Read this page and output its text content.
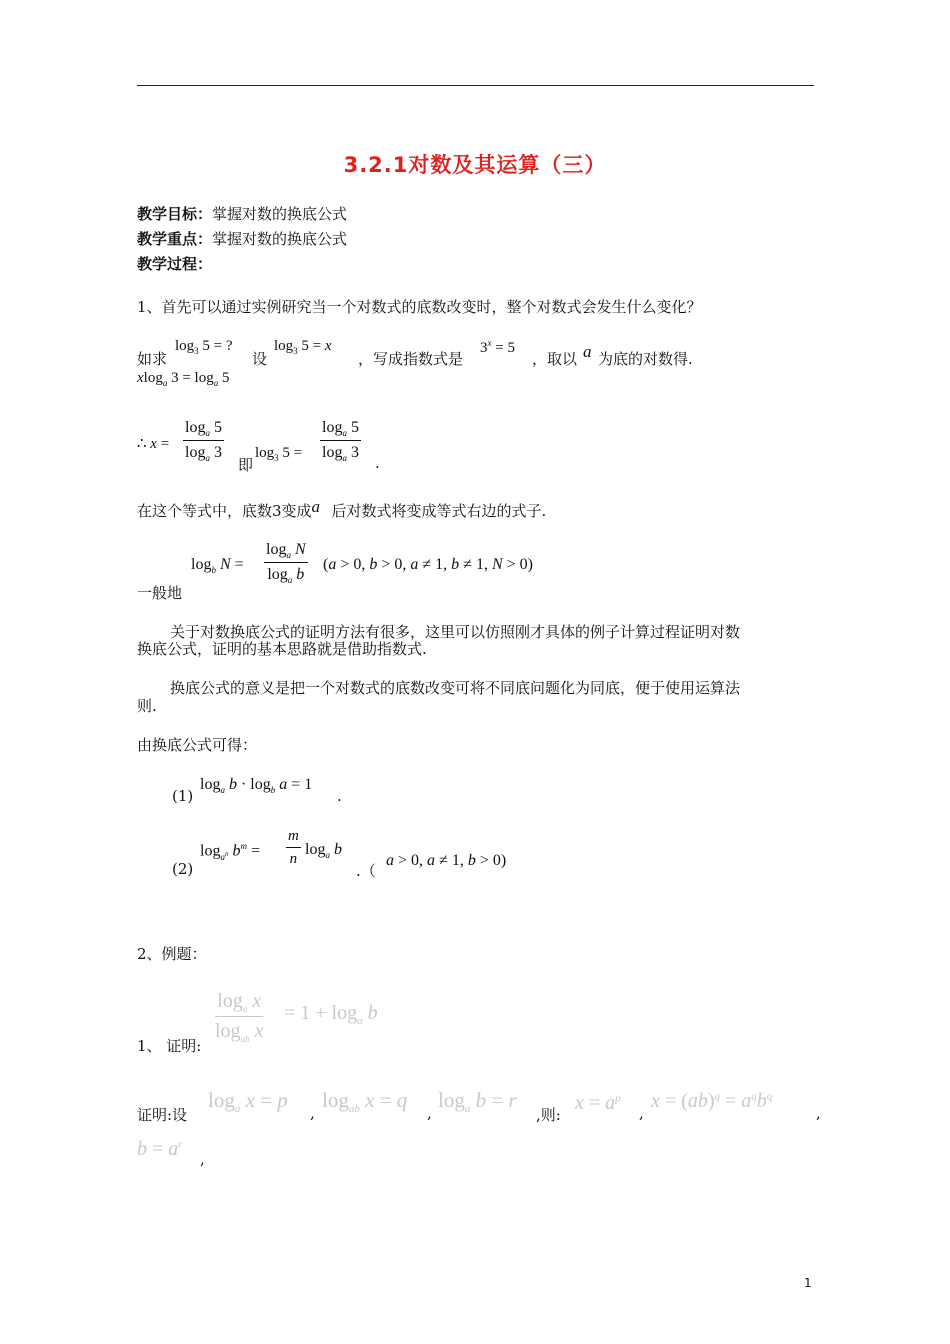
3.2.1对数及其运算（三）
教学目标：掌握对数的换底公式
教学重点：掌握对数的换底公式
教学过程：
1、首先可以通过实例研究当一个对数式的底数改变时，整个对数式会发生什么变化？
如求
$\log_3 5$ = ?
设
$\log_3 5 = x$
，写成指数式是
$3^x = 5$
，取以 a 为底的对数得.
xlog$_a$ $3 = \log_a 5$
∴ $x = \frac{\log_a 5}{\log_a 3}$
即
$\log_3 5 = \frac{\log_a 5}{\log_a 3}$ .
在这个等式中，底数3变成a 后对数式将变成等式右边的式子.
$\log_b N = \frac{\log_a N}{\log_a b} (a > 0$, b > 0, a ≠ 1, b ≠ 1, N > 0)
一般地
关于对数换底公式的证明方法有很多，这里可以仿照刚才具体的例子计算过程证明对数
换底公式，证明的基本思路就是借助指数式.
换底公式的意义是把一个对数式的底数改变可将不同底问题化为同底，便于使用运算法
则.
由换底公式可得：
(1)
$\log_a b \cdot \log_b a = 1$
.
(2)
$\log_{a^n} b^m = \frac{m}{n} \log_a b$
.（
a > 0, a ≠ 1, b > 0)
2、例题：
1、 证明:
$\frac{\log_a x}{\log_{ab} x} = 1 + \log_a b$
证明:设
$\log_a x = p$
,
$\log_{ab} x = q$
,
$\log_a b = r$
,则:
$x = a^p$
,
$x = (ab)^q = a^qb^q$
,
$b = a^r$
,
1
